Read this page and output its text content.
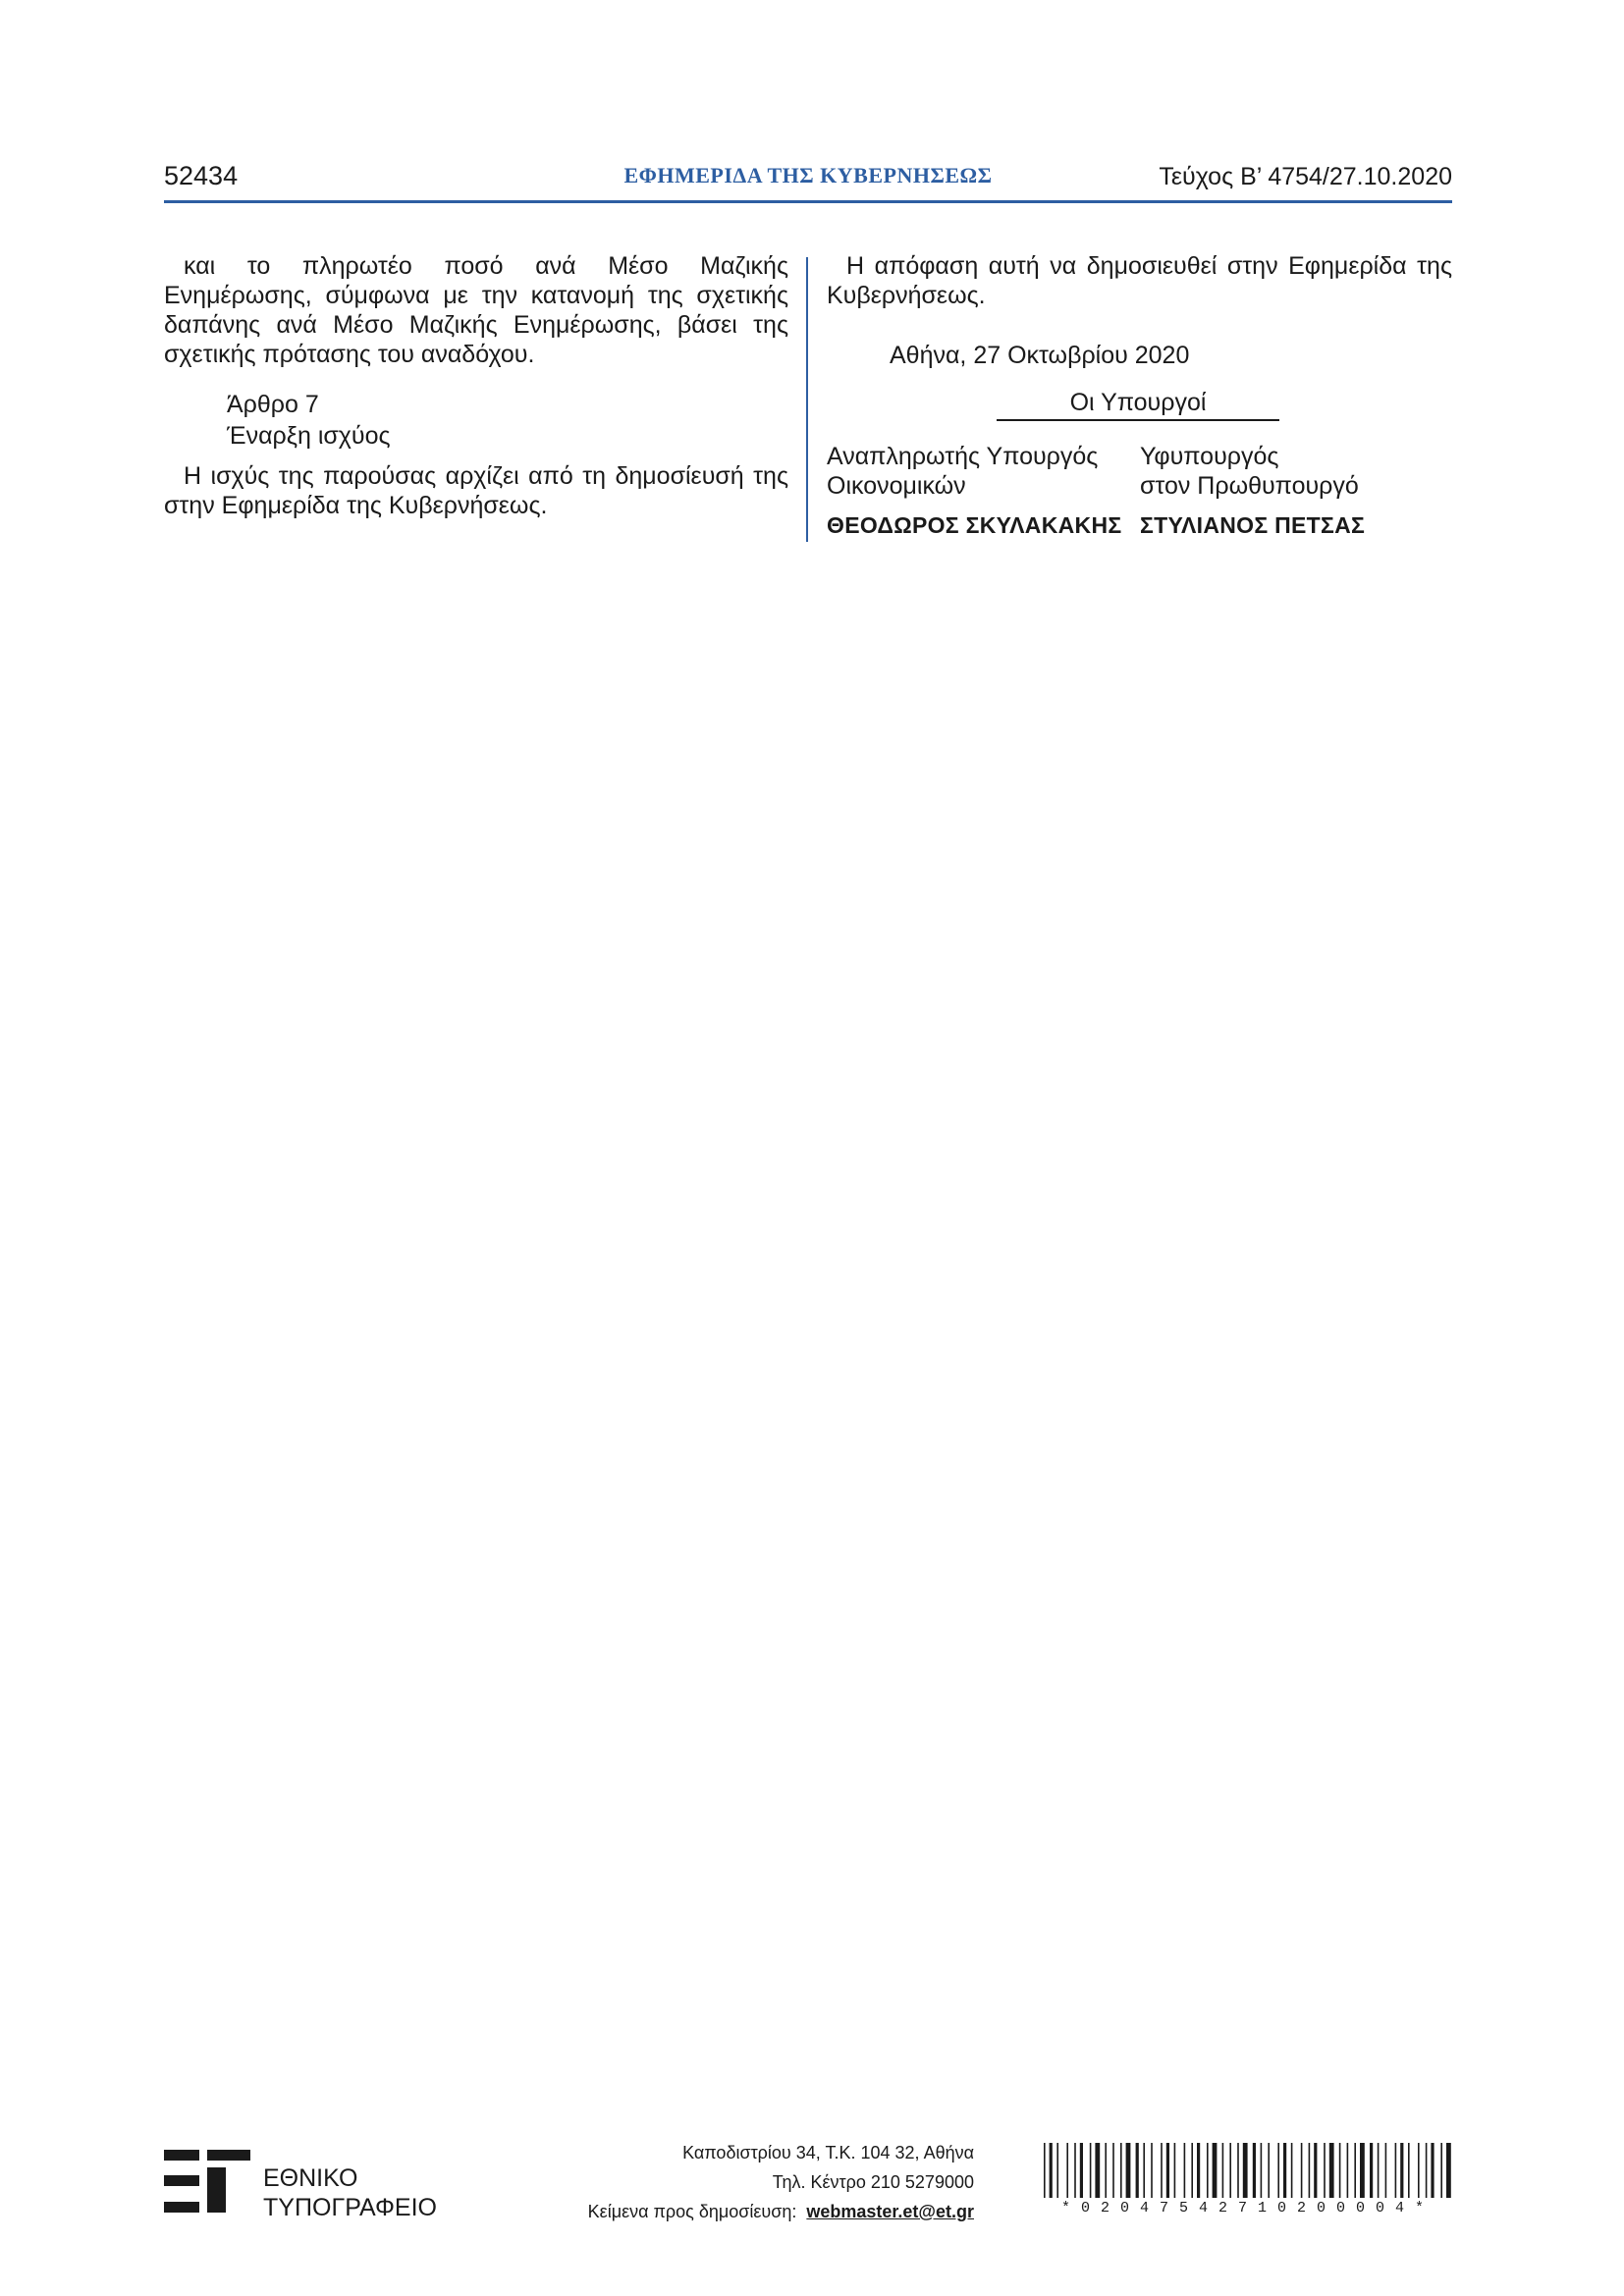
52434	ΕΦΗΜΕΡΙΔΑ ΤΗΣ ΚΥΒΕΡΝΗΣΕΩΣ	Τεύχος Β’ 4754/27.10.2020

και το πληρωτέο ποσό ανά Μέσο Μαζικής Ενημέρωσης, σύμφωνα με την κατανομή της σχετικής δαπάνης ανά Μέσο Μαζικής Ενημέρωσης, βάσει της σχετικής πρότασης του αναδόχου.

Άρθρο 7
Έναρξη ισχύος

Η ισχύς της παρούσας αρχίζει από τη δημοσίευσή της στην Εφημερίδα της Κυβερνήσεως.

Η απόφαση αυτή να δημοσιευθεί στην Εφημερίδα της Κυβερνήσεως.

Αθήνα, 27 Οκτωβρίου 2020
Οι Υπουργοί
Αναπληρωτής Υπουργός
Οικονομικών
ΘΕΟΔΩΡΟΣ ΣΚΥΛΑΚΑΚΗΣ
Υφυπουργός
στον Πρωθυπουργό
ΣΤΥΛΙΑΝΟΣ ΠΕΤΣΑΣ
ΕΘΝΙΚΟ
ΤΥΠΟΓΡΑΦΕΙΟ
Καποδιστρίου 34, Τ.Κ. 104 32, Αθήνα
Τηλ. Κέντρο 210 5279000
Κείμενα προς δημοσίευση: webmaster.et@et.gr	*02047542710200004*
